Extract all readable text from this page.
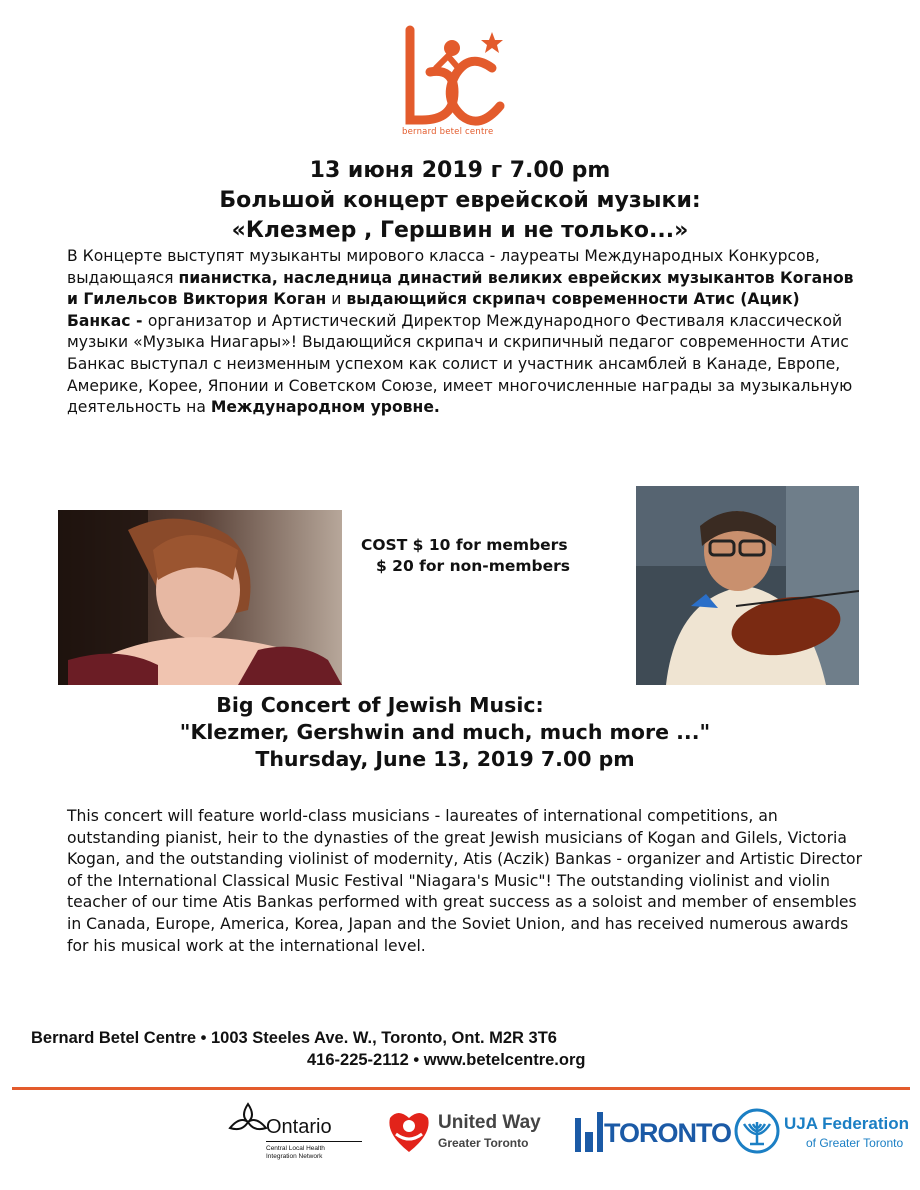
bernard betel centre
13 июня 2019 г 7.00 pm
Большой концерт еврейской музыки:
«Клезмер , Гершвин и не только...»
В Концерте выступят музыканты мирового класса - лауреаты Международных Конкурсов, выдающаяся пианистка, наследница династий великих еврейских музыкантов Коганов и Гилельсов Виктория Коган и выдающийся скрипач современности Атис (Ацик) Банкас - организатор и Артистический Директор Международного Фестиваля классической музыки «Музыка Ниагары»! Выдающийся скрипач и скрипичный педагог современности Атис Банкас выступал с неизменным успехом как солист и участник ансамблей в Канаде, Европе, Америке, Корее, Японии и Советском Союзе, имеет многочисленные награды за музыкальную деятельность на Международном уровне.
COST $ 10 for members
$ 20 for non-members
Big Concert of Jewish Music:
"Klezmer, Gershwin and much, much more ..."
Thursday, June 13, 2019 7.00 pm
This concert will feature world-class musicians - laureates of international competitions, an outstanding pianist, heir to the dynasties of the great Jewish musicians of Kogan and Gilels, Victoria Kogan, and the outstanding violinist of modernity, Atis (Aczik) Bankas - organizer and Artistic Director of the International Classical Music Festival "Niagara's Music"! The outstanding violinist and violin teacher of our time Atis Bankas performed with great success as a soloist and member of ensembles in Canada, Europe, America, Korea, Japan and the Soviet Union, and has received numerous awards for his musical work at the international level.
Bernard Betel Centre • 1003 Steeles Ave. W., Toronto, Ont. M2R 3T6
416-225-2112 • www.betelcentre.org
Ontario
Central Local Health
Integration Network
United Way
Greater Toronto	TORONTO	UJA Federation
of Greater Toronto
